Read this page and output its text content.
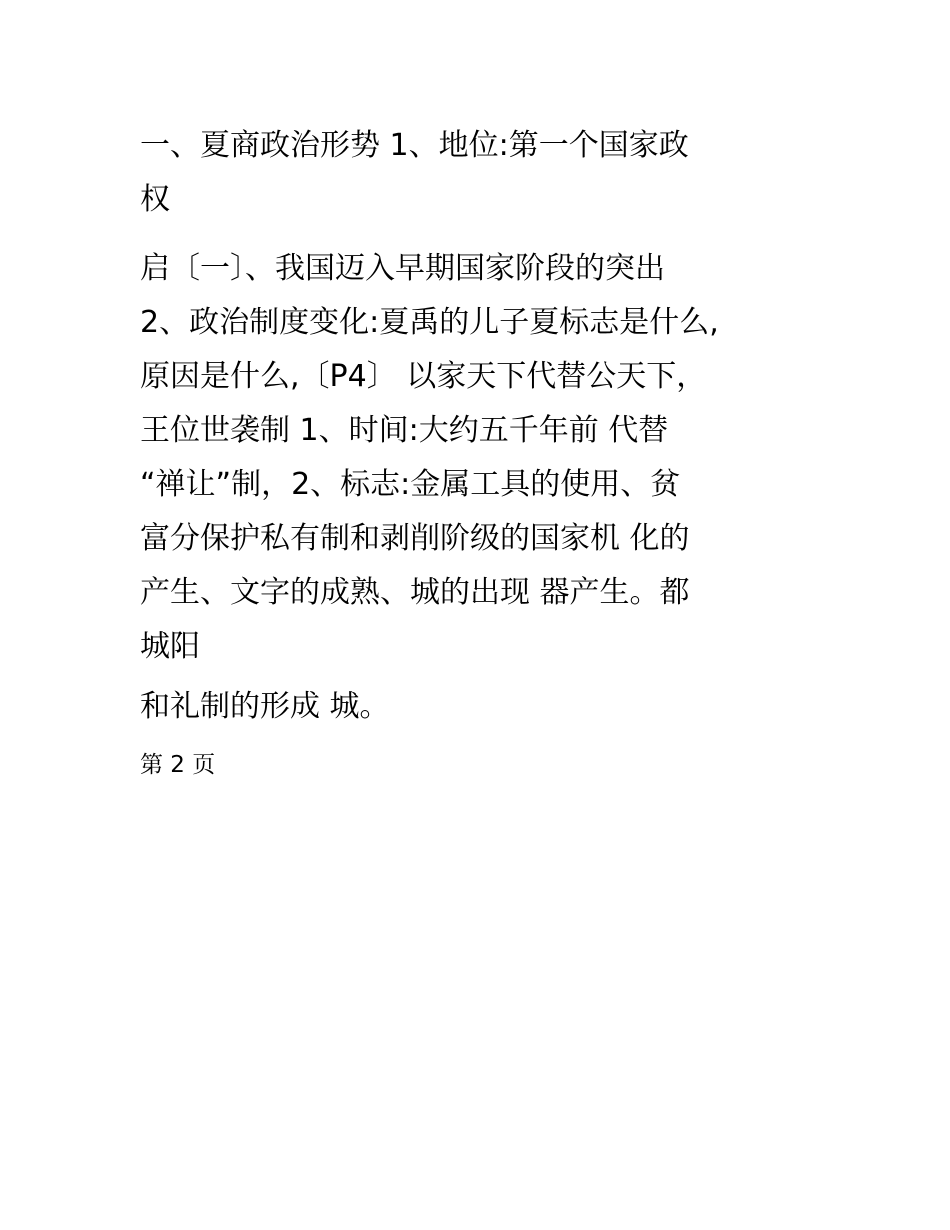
一、夏商政治形势 1、地位:第一个国家政
权
启〔一〕、我国迈入早期国家阶段的突出
2、政治制度变化:夏禹的儿子夏标志是什么,
原因是什么,〔P4〕 以家天下代替公天下，
王位世袭制 1、时间:大约五千年前 代替
“禅让”制，2、标志:金属工具的使用、贫
富分保护私有制和剥削阶级的国家机 化的
产生、文字的成熟、城的出现 器产生。都
城阳
和礼制的形成 城。
第 2 页
